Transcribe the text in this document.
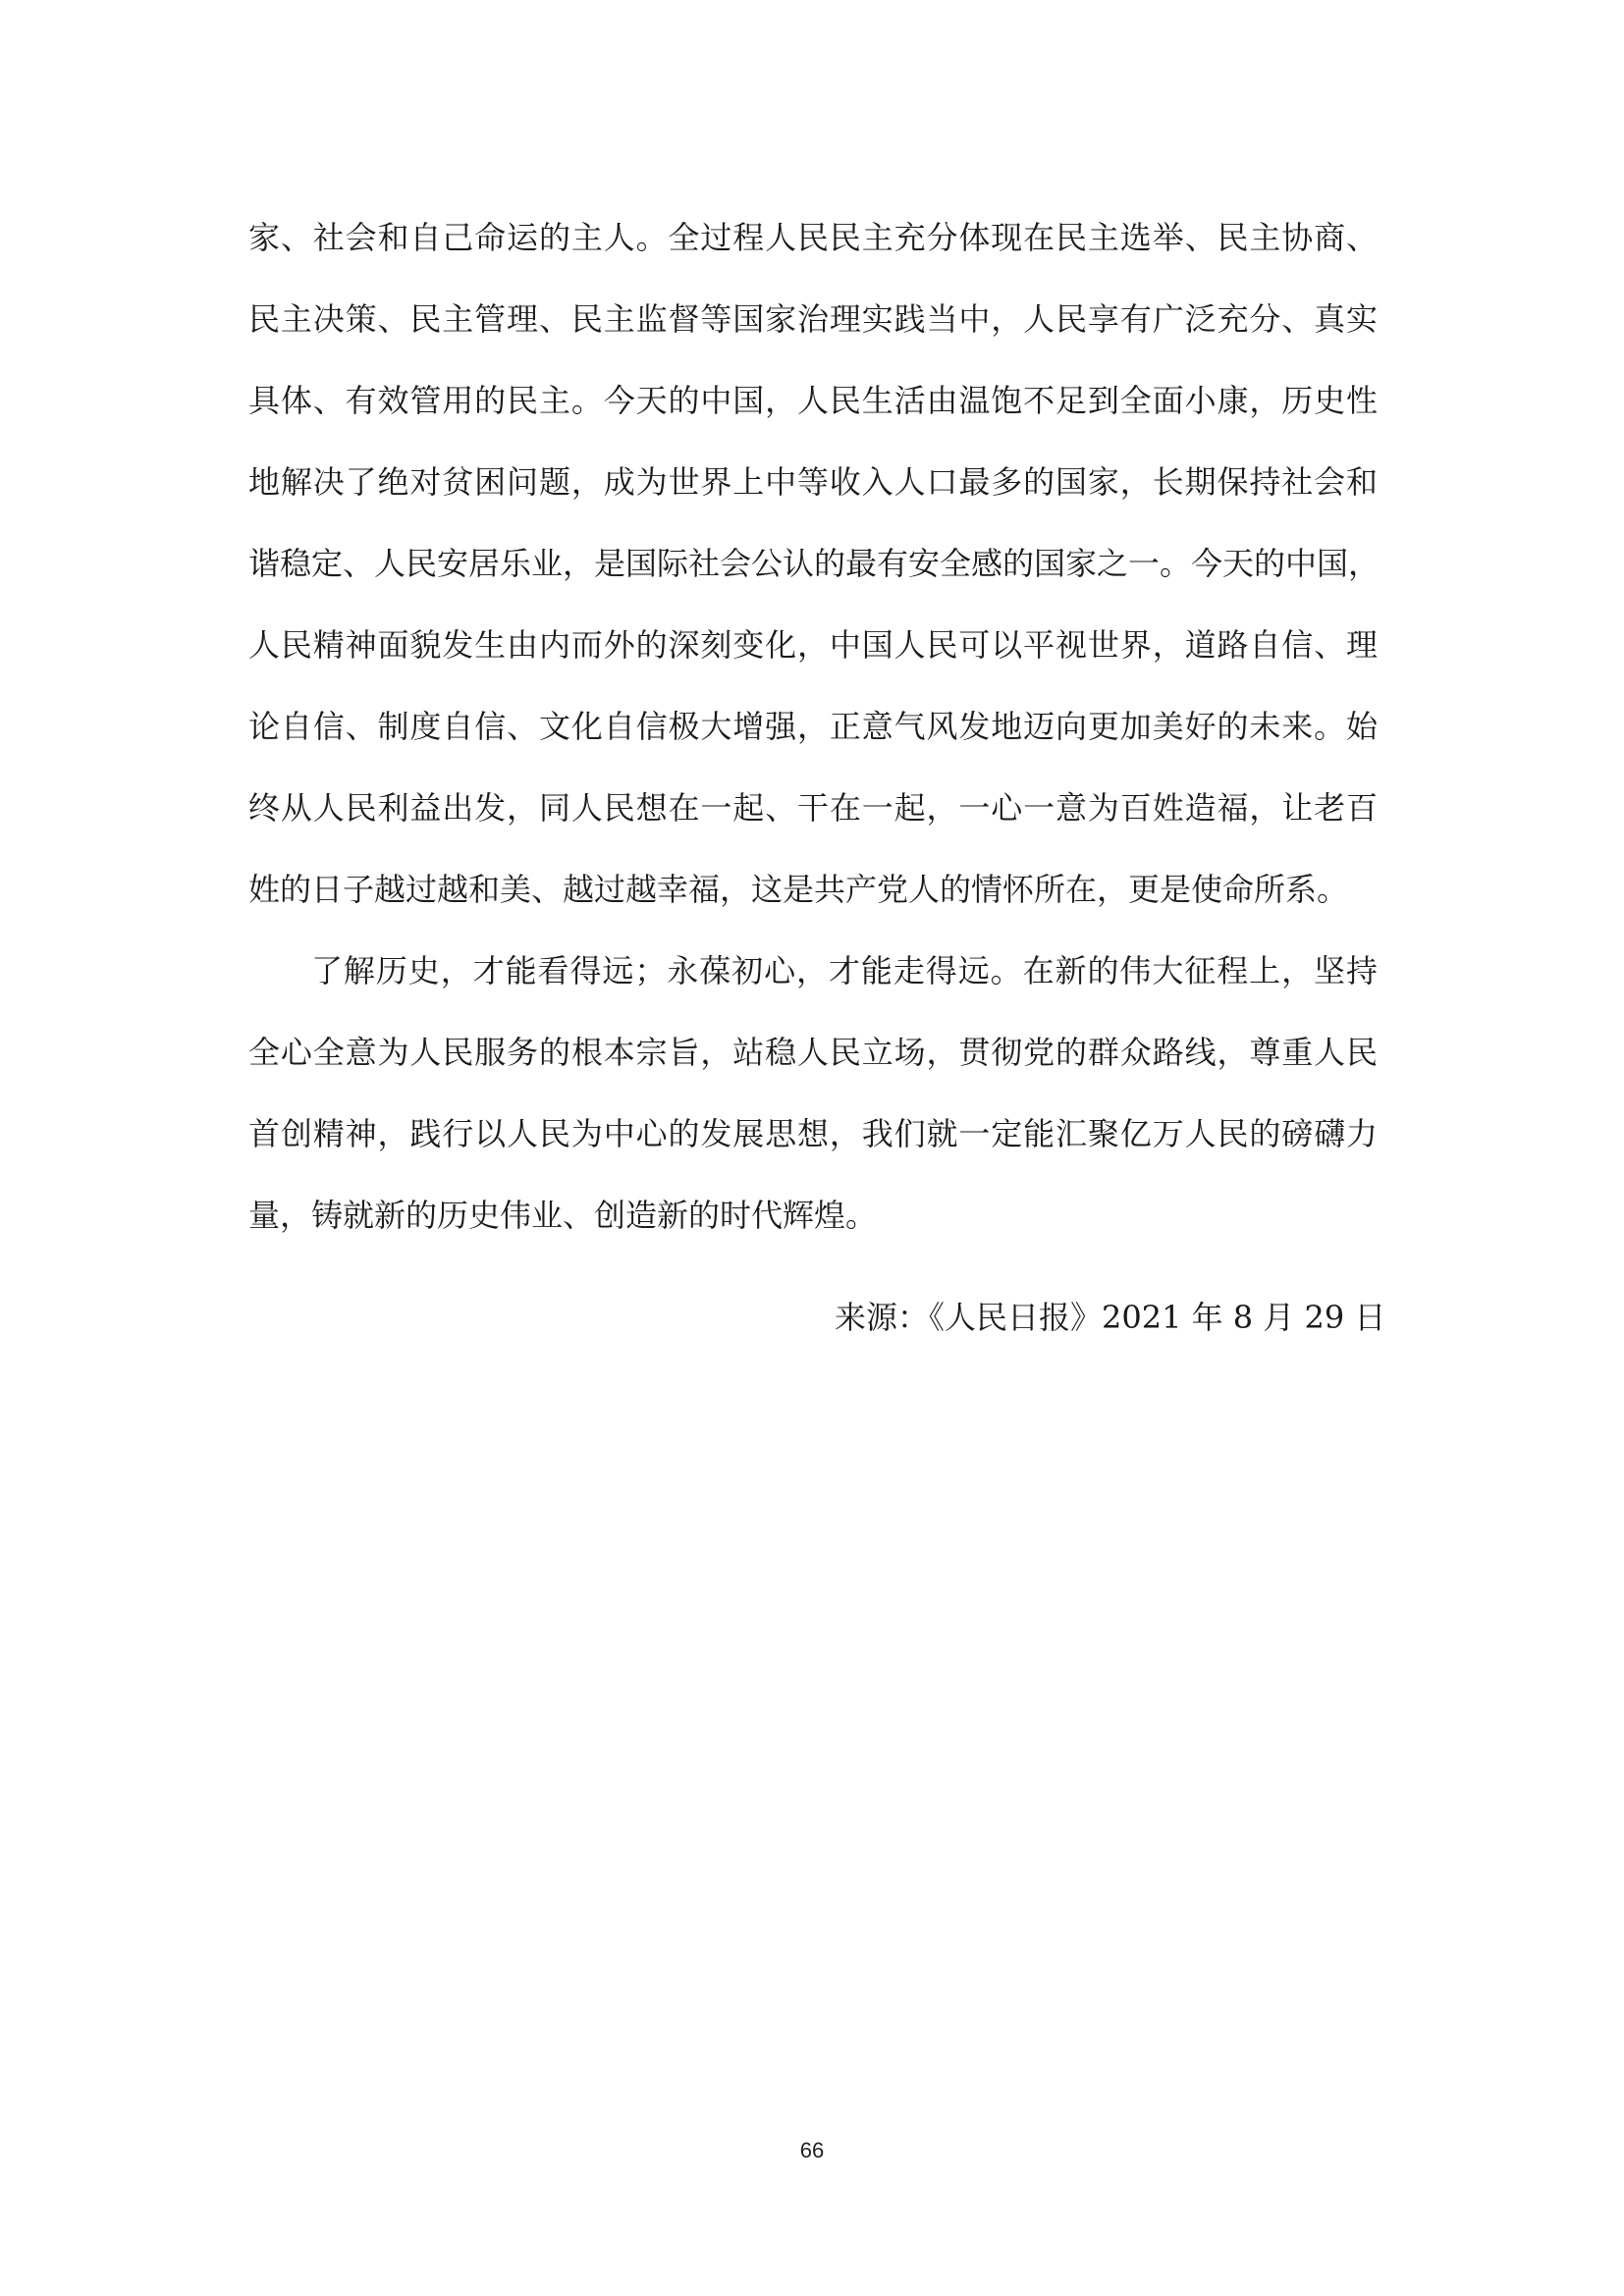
家、社会和自己命运的主人。全过程人民民主充分体现在民主选举、民主协商、
民主决策、民主管理、民主监督等国家治理实践当中，人民享有广泛充分、真实
具体、有效管用的民主。今天的中国，人民生活由温饱不足到全面小康，历史性
地解决了绝对贫困问题，成为世界上中等收入人口最多的国家，长期保持社会和
谐稳定、人民安居乐业，是国际社会公认的最有安全感的国家之一。今天的中国，
人民精神面貌发生由内而外的深刻变化，中国人民可以平视世界，道路自信、理
论自信、制度自信、文化自信极大增强，正意气风发地迈向更加美好的未来。始
终从人民利益出发，同人民想在一起、干在一起，一心一意为百姓造福，让老百
姓的日子越过越和美、越过越幸福，这是共产党人的情怀所在，更是使命所系。
了解历史，才能看得远；永葆初心，才能走得远。在新的伟大征程上，坚持
全心全意为人民服务的根本宗旨，站稳人民立场，贯彻党的群众路线，尊重人民
首创精神，践行以人民为中心的发展思想，我们就一定能汇聚亿万人民的磅礴力
量，铸就新的历史伟业、创造新的时代辉煌。
来源：《人民日报》2021 年 8 月 29 日
66
